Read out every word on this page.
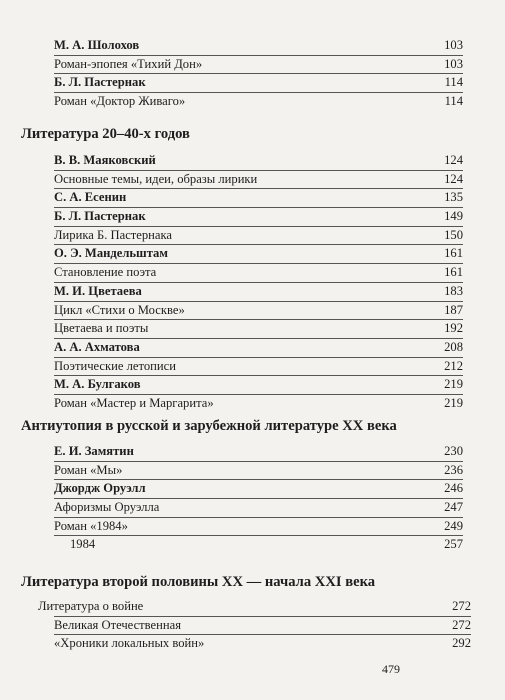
М. А. Шолохов	103
Роман-эпопея «Тихий Дон»	103
Б. Л. Пастернак	114
Роман «Доктор Живаго»	114
Литература 20–40-х годов
В. В. Маяковский	124
Основные темы, идеи, образы лирики	124
С. А. Есенин	135
Б. Л. Пастернак	149
Лирика Б. Пастернака	150
О. Э. Мандельштам	161
Становление поэта	161
М. И. Цветаева	183
Цикл «Стихи о Москве»	187
Цветаева и поэты	192
А. А. Ахматова	208
Поэтические летописи	212
М. А. Булгаков	219
Роман «Мастер и Маргарита»	219
Антиутопия в русской и зарубежной литературе XX века
Е. И. Замятин	230
Роман «Мы»	236
Джордж Оруэлл	246
Афоризмы Оруэлла	247
Роман «1984»	249
1984	257
Литература второй половины XX — начала XXI века
Литература о войне	272
Великая Отечественная	272
«Хроники локальных войн»	292
479
